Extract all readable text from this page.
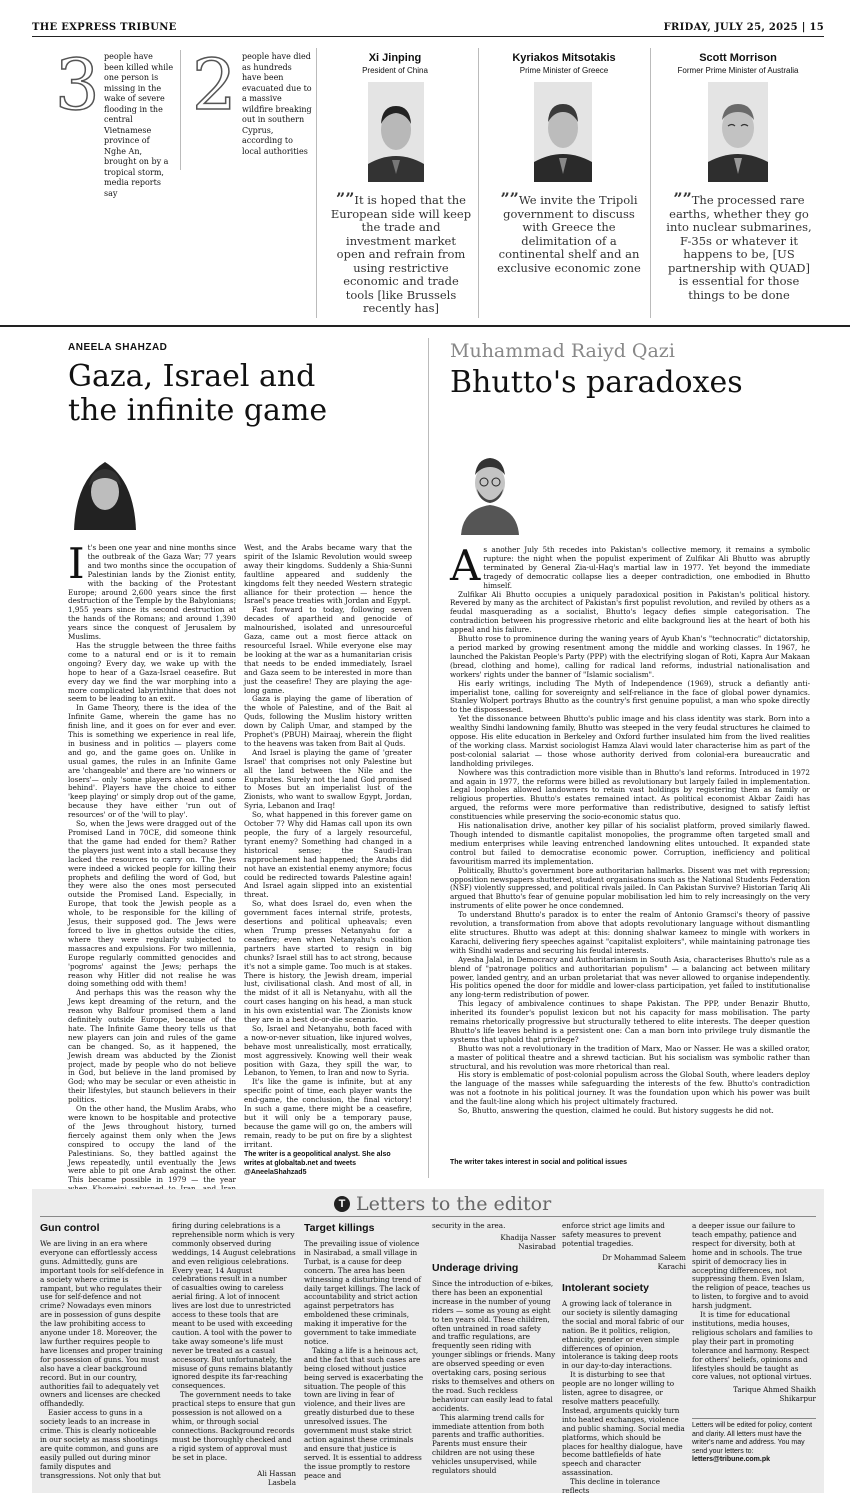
THE EXPRESS TRIBUNE	FRIDAY, JULY 25, 2025 | 15
3 people have been killed while one person is missing in the wake of severe flooding in the central Vietnamese province of Nghe An, brought on by a tropical storm, media reports say
2 people have died as hundreds have been evacuated due to a massive wildfire breaking out in southern Cyprus, according to local authorities
Xi Jinping
President of China
””It is hoped that the European side will keep the trade and investment market open and refrain from using restrictive economic and trade tools [like Brussels recently has]
Kyriakos Mitsotakis
Prime Minister of Greece
””We invite the Tripoli government to discuss with Greece the delimitation of a continental shelf and an exclusive economic zone
Scott Morrison
Former Prime Minister of Australia
””The processed rare earths, whether they go into nuclear submarines, F-35s or whatever it happens to be, [US partnership with QUAD] is essential for those things to be done
ANEELA SHAHZAD
Gaza, Israel and the infinite game
I t's been one year and nine months since the outbreak of the Gaza War; 77 years and two months since the occupation of Palestinian lands by the Zionist entity, with the backing of the Protestant Europe; around 2,600 years since the first destruction of the Temple by the Babylonians; 1,955 years since its second destruction at the hands of the Romans; and around 1,390 years since the conquest of Jerusalem by Muslims.

Has the struggle between the three faiths come to a natural end or is it to remain ongoing? Every day, we wake up with the hope to hear of a Gaza-Israel ceasefire. But every day we find the war morphing into a more complicated labyrinthine that does not seem to be leading to an exit.

In Game Theory, there is the idea of the Infinite Game, wherein the game has no finish line, and it goes on for ever and ever. This is something we experience in real life, in business and in politics — players come and go, and the game goes on. Unlike in usual games, the rules in an Infinite Game are 'changeable' and there are 'no winners or losers'— only 'some players ahead and some behind'. Players have the choice to either 'keep playing' or simply drop out of the game, because they have either 'run out of resources' or of the 'will to play'.

So, when the Jews were dragged out of the Promised Land in 70CE, did someone think that the game had ended for them? Rather the players just went into a stall because they lacked the resources to carry on. The Jews were indeed a wicked people for killing their prophets and defiling the word of God, but they were also the ones most persecuted outside the Promised Land. Especially, in Europe, that took the Jewish people as a whole, to be responsible for the killing of Jesus, their supposed god. The Jews were forced to live in ghettos outside the cities, where they were regularly subjected to massacres and expulsions. For two millennia, Europe regularly committed genocides and 'pogroms' against the Jews; perhaps the reason why Hitler did not realise he was doing something odd with them!

And perhaps this was the reason why the Jews kept dreaming of the return, and the reason why Balfour promised them a land definitely outside Europe, because of the hate. The Infinite Game theory tells us that new players can join and rules of the game can be changed. So, as it happened, the Jewish dream was abducted by the Zionist project, made by people who do not believe in God, but believe in the land promised by God; who may be secular or even atheistic in their lifestyles, but staunch believers in their politics.

On the other hand, the Muslim Arabs, who were known to be hospitable and protective of the Jews throughout history, turned fiercely against them only when the Jews conspired to occupy the land of the Palestinians. So, they battled against the Jews repeatedly, until eventually the Jews were able to pit one Arab against the other. This became possible in 1979 — the year

West, and the Arabs became wary that the spirit of the Islamic Revolution would sweep away their kingdoms. Suddenly a Shia-Sunni faultline appeared and suddenly the kingdoms felt they needed Western strategic alliance for their protection — hence the Israel's peace treaties with Jordan and Egypt.

Fast forward to today, following seven decades of apartheid and genocide of malnourished, isolated and unresourceful Gaza, came out a most fierce attack on resourceful Israel. While everyone else may be looking at the war as a humanitarian crisis that needs to be ended immediately, Israel and Gaza seem to be interested in more than just the ceasefire! They are playing the age-long game.

Gaza is playing the game of liberation of the whole of Palestine, and of the Bait al Quds, following the Muslim history written down by Caliph Umar, and stamped by the Prophet's (PBUH) Mairaaj, wherein the flight to the heavens was taken from Bait al Quds.

And Israel is playing the game of 'greater Israel' that comprises not only Palestine but all the land between the Nile and the Euphrates. Surely not the land God promised to Moses but an imperialist lust of the Zionists, who want to swallow Egypt, Jordan, Syria, Lebanon and Iraq!

So, what happened in this forever game on October 7? Why did Hamas call upon its own people, the fury of a largely resourceful, tyrant enemy? Something had changed in a historical sense; the Saudi-Iran rapprochement had happened; the Arabs did not have an existential enemy anymore; focus could be redirected towards Palestine again! And Israel again slipped into an existential threat.

So, what does Israel do, even when the government faces internal strife, protests, desertions and political upheavals; even when Trump presses Netanyahu for a ceasefire; even when Netanyahu's coalition partners have started to resign in big chunks? Israel still has to act strong, because it's not a simple game. Too much is at stakes. There is history, the Jewish dream, imperial lust, civilisational clash. And most of all, in the midst of it all is Netanyahu, with all the court cases hanging on his head, a man stuck in his own existential war. The Zionists know they are in a best do-or-die scenario.

So, Israel and Netanyahu, both faced with a now-or-never situation, like injured wolves, behave most unrealistically, most erratically, most aggressively. Knowing well their weak position with Gaza, they spill the war, to Lebanon, to Yemen, to Iran and now to Syria.

It's like the game is infinite, but at any specific point of time, each player wants the end-game, the conclusion, the final victory! In such a game, there might be a ceasefire, but it will only be a temporary pause, because the game will go on, the ambers will remain, ready to be put on fire by a slightest irritant.

The writer is a geopolitical analyst. She also writes at globaltab.net and tweets @AneelaShahzad5
Muhammad Raiyd Qazi
Bhutto's paradoxes
A s another July 5th recedes into Pakistan's collective memory, it remains a symbolic rupture: the night when the populist experiment of Zulfikar Ali Bhutto was abruptly terminated by General Zia-ul-Haq's martial law in 1977. Yet beyond the immediate tragedy of democratic collapse lies a deeper contradiction, one embodied in Bhutto himself.

Zulfikar Ali Bhutto occupies a uniquely paradoxical position in Pakistan's political history. Revered by many as the architect of Pakistan's first populist revolution, and reviled by others as a feudal masquerading as a socialist, Bhutto's legacy defies simple categorisation. The contradiction between his progressive rhetoric and elite background lies at the heart of both his appeal and his failure.

Bhutto rose to prominence during the waning years of Ayub Khan's "technocratic" dictatorship, a period marked by growing resentment among the middle and working classes. In 1967, he launched the Pakistan People's Party (PPP) with the electrifying slogan of Roti, Kapra Aur Makaan (bread, clothing and home), calling for radical land reforms, industrial nationalisation and workers' rights under the banner of "Islamic socialism".

His early writings, including The Myth of Independence (1969), struck a defiantly anti-imperialist tone, calling for sovereignty and self-reliance in the face of global power dynamics. Stanley Wolpert portrays Bhutto as the country's first genuine populist, a man who spoke directly to the dispossessed.

Yet the dissonance between Bhutto's public image and his class identity was stark. Born into a wealthy Sindhi landowning family, Bhutto was steeped in the very feudal structures he claimed to oppose. His elite education in Berkeley and Oxford further insulated him from the lived realities of the working class. Marxist sociologist Hamza Alavi would later characterise him as part of the post-colonial salariat — those whose authority derived from colonial-era bureaucratic and landholding privileges.

Nowhere was this contradiction more visible than in Bhutto's land reforms. Introduced in 1972 and again in 1977, the reforms were billed as revolutionary but largely failed in implementation. Legal loopholes allowed landowners to retain vast holdings by registering them as family or religious properties. Bhutto's estates remained intact. As political economist Akbar Zaidi has argued, the reforms were more performative than redistributive, designed to satisfy leftist constituencies while preserving the socio-economic status quo.

His nationalisation drive, another key pillar of his socialist platform, proved similarly flawed. Though intended to dismantle capitalist monopolies, the programme often targeted small and medium enterprises while leaving entrenched landowning elites untouched. It expanded state control but failed to democratise economic power. Corruption, inefficiency and political favouritism marred its implementation.

Politically, Bhutto's government bore authoritarian hallmarks. Dissent was met with repression; opposition newspapers shuttered, student organisations such as the National Students Federation (NSF) violently suppressed, and political rivals jailed. In Can Pakistan Survive? Historian Tariq Ali argued that Bhutto's fear of genuine popular mobilisation led him to rely increasingly on the very instruments of elite power he once condemned.

To understand Bhutto's paradox is to enter the realm of Antonio Gramsci's theory of passive revolution, a transformation from above that adopts revolutionary language without dismantling elite structures. Bhutto was adept at this: donning shalwar kameez to mingle with workers in Karachi, delivering fiery speeches against "capitalist exploiters", while maintaining patronage ties with Sindhi waderas and securing his feudal interests.

Ayesha Jalal, in Democracy and Authoritarianism in South Asia, characterises Bhutto's rule as a blend of "patronage politics and authoritarian populism" — a balancing act between military power, landed gentry, and an urban proletariat that was never allowed to organise independently. His politics opened the door for middle and lower-class participation, yet failed to institutionalise any long-term redistribution of power.

This legacy of ambivalence continues to shape Pakistan. The PPP, under Benazir Bhutto, inherited its founder's populist lexicon but not his capacity for mass mobilisation. The party remains rhetorically progressive but structurally tethered to elite interests. The deeper question Bhutto's life leaves behind is a persistent one: Can a man born into privilege truly dismantle the systems that uphold that privilege?

Bhutto was not a revolutionary in the tradition of Marx, Mao or Nasser. He was a skilled orator, a master of political theatre and a shrewd tactician. But his socialism was symbolic rather than structural, and his revolution was more rhetorical than real.

His story is emblematic of post-colonial populism across the Global South, where leaders deploy the language of the masses while safeguarding the interests of the few. Bhutto's contradiction was not a footnote in his political journey. It was the foundation upon which his power was built and the fault-line along which his project ultimately fractured.

So, Bhutto, answering the question, claimed he could. But history suggests he did not.

The writer takes interest in social and political issues
T Letters to the editor
Gun control

We are living in an era where everyone can effortlessly access guns. Admittedly, guns are important tools for self-defence in a society where crime is rampant, but who regulates their use for self-defence and not crime? Nowadays even minors are in possession of guns despite the law prohibiting access to anyone under 18. Moreover, the law further requires people to have licenses and proper training for possession of guns. You must also have a clear background record. But in our country, authorities fail to adequately vet owners and licenses are checked offhandedly.

Easier access to guns in a society leads to an increase in crime. This is clearly noticeable in our society as mass shootings are quite common, and guns are easily pulled out during minor family disputes and transgressions. Not only that but

firing during celebrations is a reprehensible norm which is very commonly observed during weddings, 14 August celebrations and even religious celebrations. Every year, 14 August celebrations result in a number of casualties owing to careless aerial firing. A lot of innocent lives are lost due to unrestricted access to these tools that are meant to be used with exceeding caution. A tool with the power to take away someone's life must never be treated as a casual accessory. But unfortunately, the misuse of guns remains blatantly ignored despite its far-reaching consequences.

The government needs to take practical steps to ensure that gun possession is not allowed on a whim, or through social connections. Background records must be thoroughly checked and a rigid system of approval must be set in place.

Ali Hassan
Lasbela
Target killings

The prevailing issue of violence in Nasirabad, a small village in Turbat, is a cause for deep concern. The area has been witnessing a disturbing trend of daily target killings. The lack of accountability and strict action against perpetrators has emboldened these criminals, making it imperative for the government to take immediate notice.

Taking a life is a heinous act, and the fact that such cases are being closed without justice being served is exacerbating the situation. The people of this town are living in fear of violence, and their lives are greatly disturbed due to these unresolved issues. The government must stake strict action against these criminals and ensure that justice is served. It is essential to address the issue promptly to restore peace and

security in the area.

Khadija Nasser
Nasirabad
Underage driving

Since the introduction of e-bikes, there has been an exponential increase in the number of young riders — some as young as eight to ten years old. These children, often untrained in road safety and traffic regulations, are frequently seen riding with younger siblings or friends. Many are observed speeding or even overtaking cars, posing serious risks to themselves and others on the road. Such reckless behaviour can easily lead to fatal accidents.

This alarming trend calls for immediate attention from both parents and traffic authorities. Parents must ensure their children are not using these vehicles unsupervised, while regulators should

enforce strict age limits and safety measures to prevent potential tragedies.

Dr Mohammad Saleem
Karachi
Intolerant society

A growing lack of tolerance in our society is silently damaging the social and moral fabric of our nation. Be it politics, religion, ethnicity, gender or even simple differences of opinion, intolerance is taking deep roots in our day-to-day interactions.

It is disturbing to see that people are no longer willing to listen, agree to disagree, or resolve matters peacefully. Instead, arguments quickly turn into heated exchanges, violence and public shaming. Social media platforms, which should be places for healthy dialogue, have become battlefields of hate speech and character assassination.

This decline in tolerance reflects

a deeper issue our failure to teach empathy, patience and respect for diversity, both at home and in schools. The true spirit of democracy lies in accepting differences, not suppressing them. Even Islam, the religion of peace, teaches us to listen, to forgive and to avoid harsh judgment.

It is time for educational institutions, media houses, religious scholars and families to play their part in promoting tolerance and harmony. Respect for others' beliefs, opinions and lifestyles should be taught as core values, not optional virtues.

Tarique Ahmed Shaikh
Shikarpur
Letters will be edited for policy, content and clarity. All letters must have the writer's name and address. You may send your letters to:
letters@tribune.com.pk
